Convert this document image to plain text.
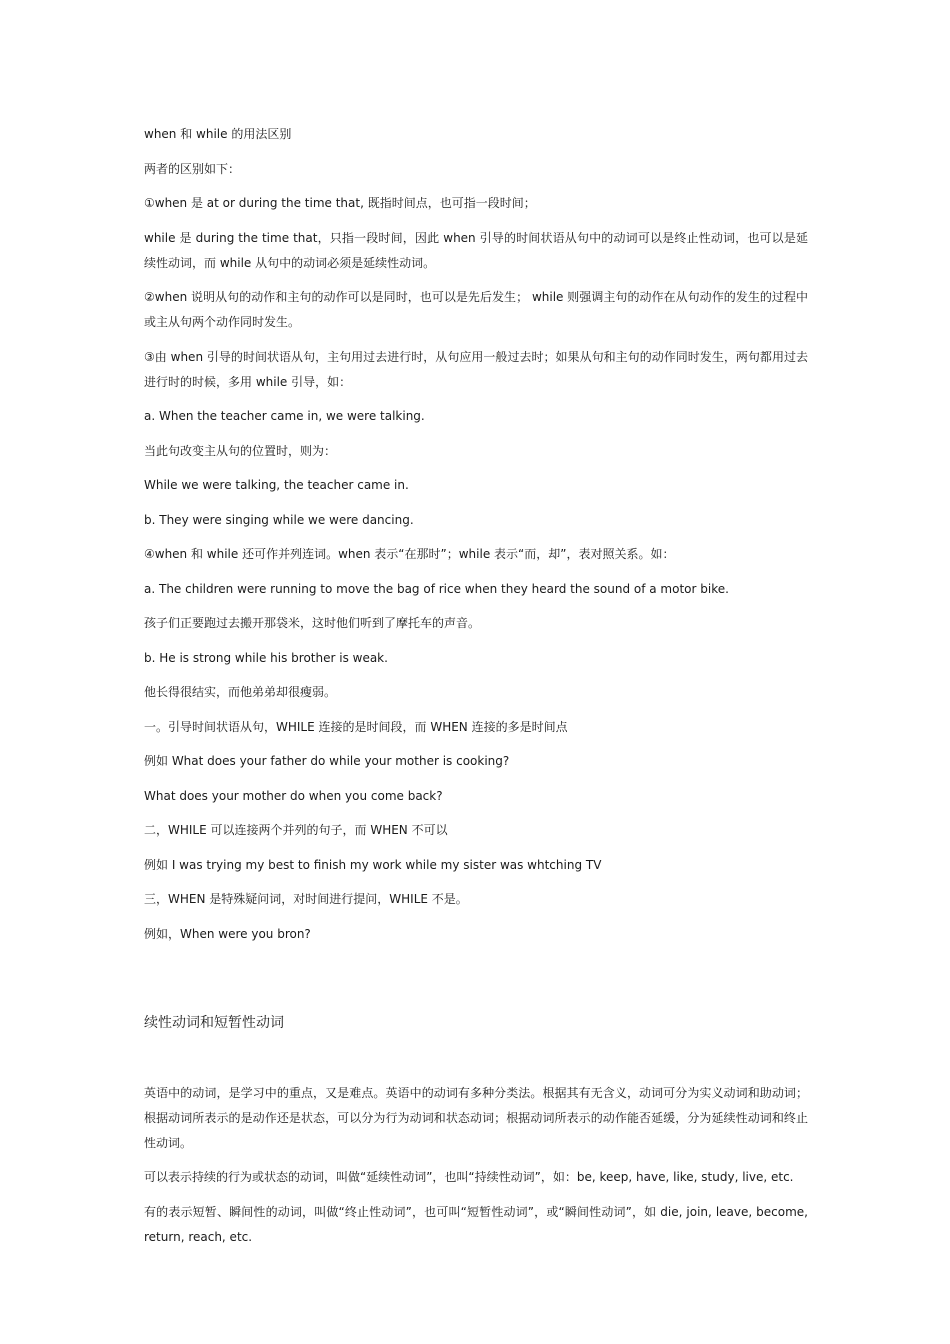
when 和 while 的用法区别

两者的区别如下：

①when 是 at or during the time that, 既指时间点，也可指一段时间；

while 是 during the time that，只指一段时间，因此 when 引导的时间状语从句中的动词可以是终止性动词，也可以是延续性动词，而 while 从句中的动词必须是延续性动词。

②when 说明从句的动作和主句的动作可以是同时，也可以是先后发生； while 则强调主句的动作在从句动作的发生的过程中或主从句两个动作同时发生。

③由 when 引导的时间状语从句，主句用过去进行时，从句应用一般过去时；如果从句和主句的动作同时发生，两句都用过去进行时的时候，多用 while 引导，如：

a. When the teacher came in, we were talking.

当此句改变主从句的位置时，则为：

While we were talking, the teacher came in.

b. They were singing while we were dancing.

④when 和 while 还可作并列连词。when 表示“在那时”；while 表示“而，却”，表对照关系。如：

a. The children were running to move the bag of rice when they heard the sound of a motor bike.

孩子们正要跑过去搬开那袋米，这时他们听到了摩托车的声音。

b. He is strong while his brother is weak.

他长得很结实，而他弟弟却很瘦弱。

一。引导时间状语从句，WHILE 连接的是时间段，而 WHEN 连接的多是时间点

例如 What does your father do while your mother is cooking?

What does your mother do when you come back?

二，WHILE 可以连接两个并列的句子，而 WHEN 不可以

例如 I was trying my best to finish my work while my sister was whtching TV

三，WHEN 是特殊疑问词，对时间进行提问，WHILE 不是。

例如，When were you bron?

续性动词和短暂性动词

英语中的动词，是学习中的重点，又是难点。英语中的动词有多种分类法。根据其有无含义，动词可分为实义动词和助动词；根据动词所表示的是动作还是状态，可以分为行为动词和状态动词；根据动词所表示的动作能否延缓，分为延续性动词和终止性动词。

可以表示持续的行为或状态的动词，叫做“延续性动词”，也叫“持续性动词”，如：be, keep, have, like, study, live, etc.

有的表示短暂、瞬间性的动词，叫做“终止性动词”，也可叫“短暂性动词”，或“瞬间性动词”，如 die, join, leave, become, return, reach, etc.
